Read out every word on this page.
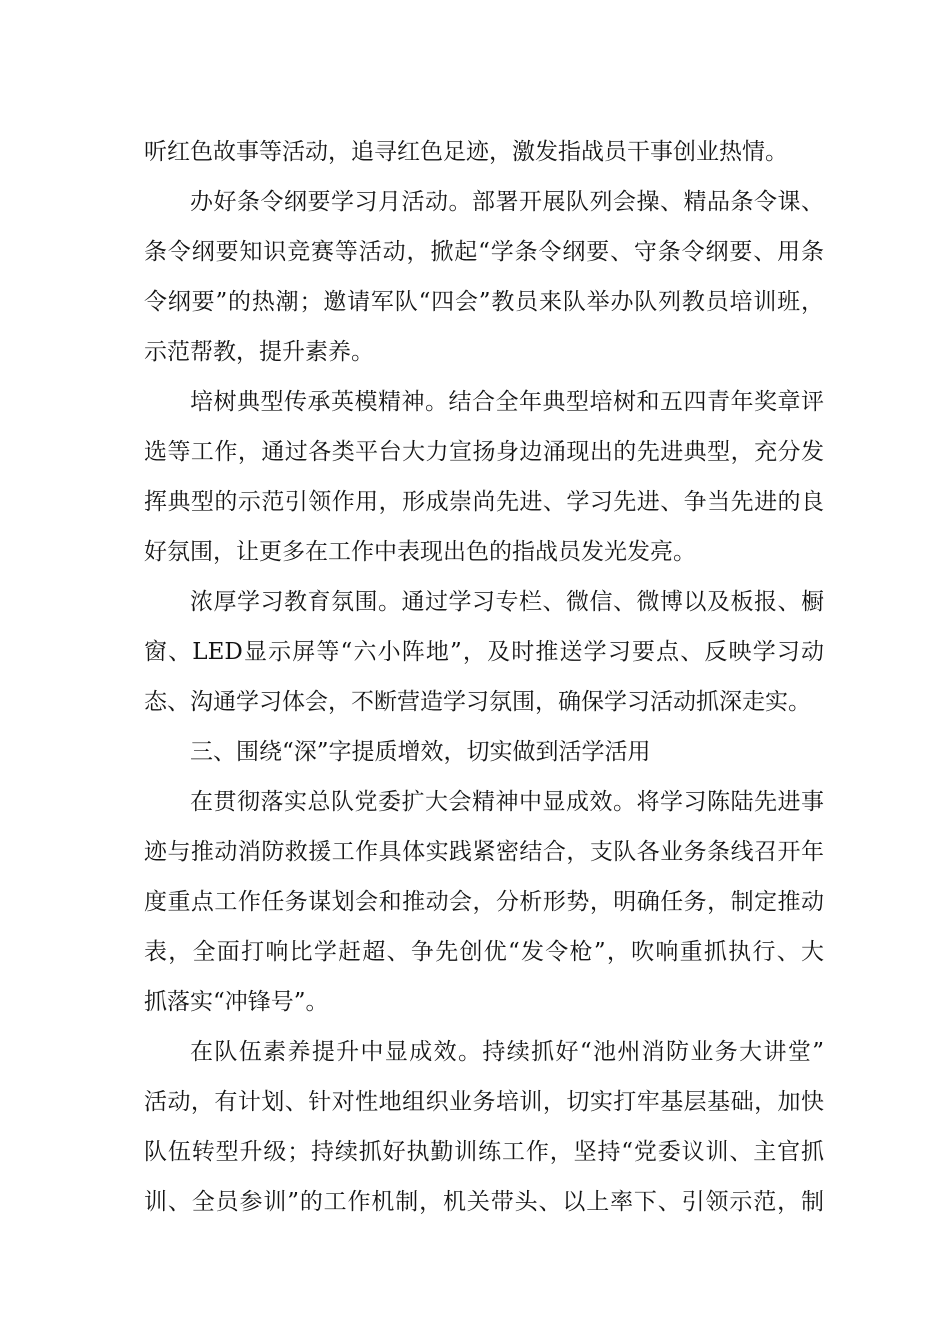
听红色故事等活动，追寻红色足迹，激发指战员干事创业热情。
办好条令纲要学习月活动。部署开展队列会操、精品条令课、
条令纲要知识竞赛等活动，掀起“学条令纲要、守条令纲要、用条
令纲要”的热潮；邀请军队“四会”教员来队举办队列教员培训班，
示范帮教，提升素养。
培树典型传承英模精神。结合全年典型培树和五四青年奖章评
选等工作，通过各类平台大力宣扬身边涌现出的先进典型，充分发
挥典型的示范引领作用，形成崇尚先进、学习先进、争当先进的良
好氛围，让更多在工作中表现出色的指战员发光发亮。
浓厚学习教育氛围。通过学习专栏、微信、微博以及板报、橱
窗、LED显示屏等“六小阵地”，及时推送学习要点、反映学习动
态、沟通学习体会，不断营造学习氛围，确保学习活动抓深走实。
三、围绕“深”字提质增效，切实做到活学活用
在贯彻落实总队党委扩大会精神中显成效。将学习陈陆先进事
迹与推动消防救援工作具体实践紧密结合，支队各业务条线召开年
度重点工作任务谋划会和推动会，分析形势，明确任务，制定推动
表，全面打响比学赶超、争先创优“发令枪”，吹响重抓执行、大
抓落实“冲锋号”。
在队伍素养提升中显成效。持续抓好“池州消防业务大讲堂”
活动，有计划、针对性地组织业务培训，切实打牢基层基础，加快
队伍转型升级；持续抓好执勤训练工作，坚持“党委议训、主官抓
训、全员参训”的工作机制，机关带头、以上率下、引领示范，制
